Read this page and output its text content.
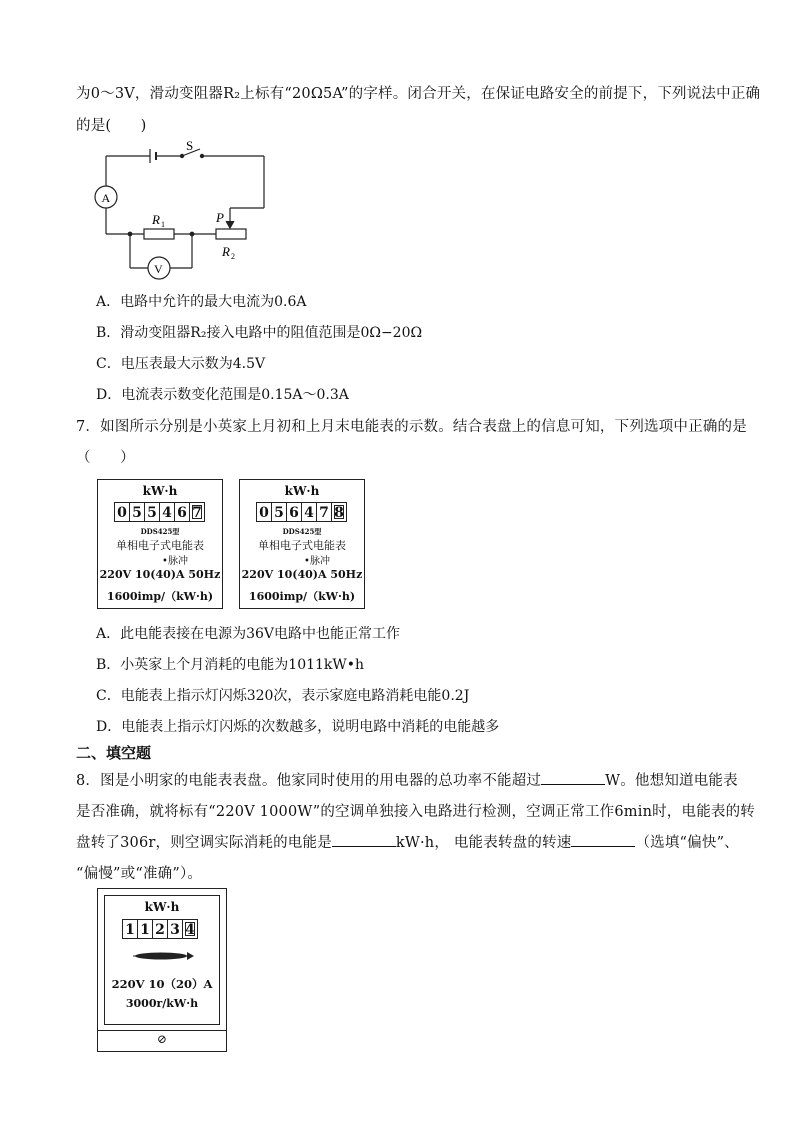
为0～3V，滑动变阻器R₂上标有“20Ω5A”的字样。闭合开关，在保证电路安全的前提下，下列说法中正确
的是(　　)
S
A
V
R 1
R 2
P
A．电路中允许的最大电流为0.6A
B．滑动变阻器R₂接入电路中的阻值范围是0Ω−20Ω
C．电压表最大示数为4.5V
D．电流表示数变化范围是0.15A～0.3A
7．如图所示分别是小英家上月初和上月末电能表的示数。结合表盘上的信息可知，下列选项中正确的是
（　　）
kW·h
0 5 5 4 6 7
DDS425型
单相电子式电能表
•脉冲
220V 10(40)A 50Hz
1600imp/（kW·h)
kW·h
0 5 6 4 7 8
DDS425型
单相电子式电能表
•脉冲
220V 10(40)A 50Hz
1600imp/（kW·h)
A．此电能表接在电源为36V电路中也能正常工作
B．小英家上个月消耗的电能为1011kW•h
C．电能表上指示灯闪烁320次，表示家庭电路消耗电能0.2J
D．电能表上指示灯闪烁的次数越多，说明电路中消耗的电能越多
二、填空题
8．图是小明家的电能表表盘。他家同时使用的用电器的总功率不能超过	W。他想知道电能表
是否准确，就将标有“220V 1000W”的空调单独接入电路进行检测，空调正常工作6min时，电能表的转
盘转了306r，则空调实际消耗的电能是	kW·h， 电能表转盘的转速	（选填“偏快”、
“偏慢”或“准确”）。
kW·h
1 1 2 3 4
220V 10（20）A
3000r/kW·h
⊘
